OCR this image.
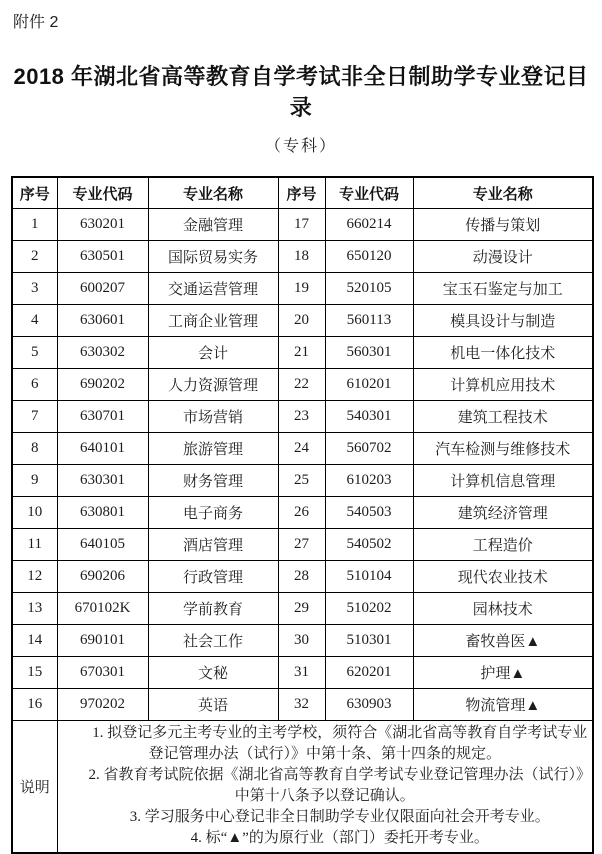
附件 2
2018 年湖北省高等教育自学考试非全日制助学专业登记目录
（专科）
序号	专业代码	专业名称	序号	专业代码	专业名称
1	630201	金融管理	17	660214	传播与策划
2	630501	国际贸易实务	18	650120	动漫设计
3	600207	交通运营管理	19	520105	宝玉石鉴定与加工
4	630601	工商企业管理	20	560113	模具设计与制造
5	630302	会计	21	560301	机电一体化技术
6	690202	人力资源管理	22	610201	计算机应用技术
7	630701	市场营销	23	540301	建筑工程技术
8	640101	旅游管理	24	560702	汽车检测与维修技术
9	630301	财务管理	25	610203	计算机信息管理
10	630801	电子商务	26	540503	建筑经济管理
11	640105	酒店管理	27	540502	工程造价
12	690206	行政管理	28	510104	现代农业技术
13	670102K	学前教育	29	510202	园林技术
14	690101	社会工作	30	510301	畜牧兽医▲
15	670301	文秘	31	620201	护理▲
16	970202	英语	32	630903	物流管理▲
说明	1. 拟登记多元主考专业的主考学校，须符合《湖北省高等教育自学考试专业登记管理办法（试行）》中第十条、第十四条的规定。

2. 省教育考试院依据《湖北省高等教育自学考试专业登记管理办法（试行）》中第十八条予以登记确认。

3. 学习服务中心登记非全日制助学专业仅限面向社会开考专业。

4. 标“▲”的为原行业（部门）委托开考专业。				
